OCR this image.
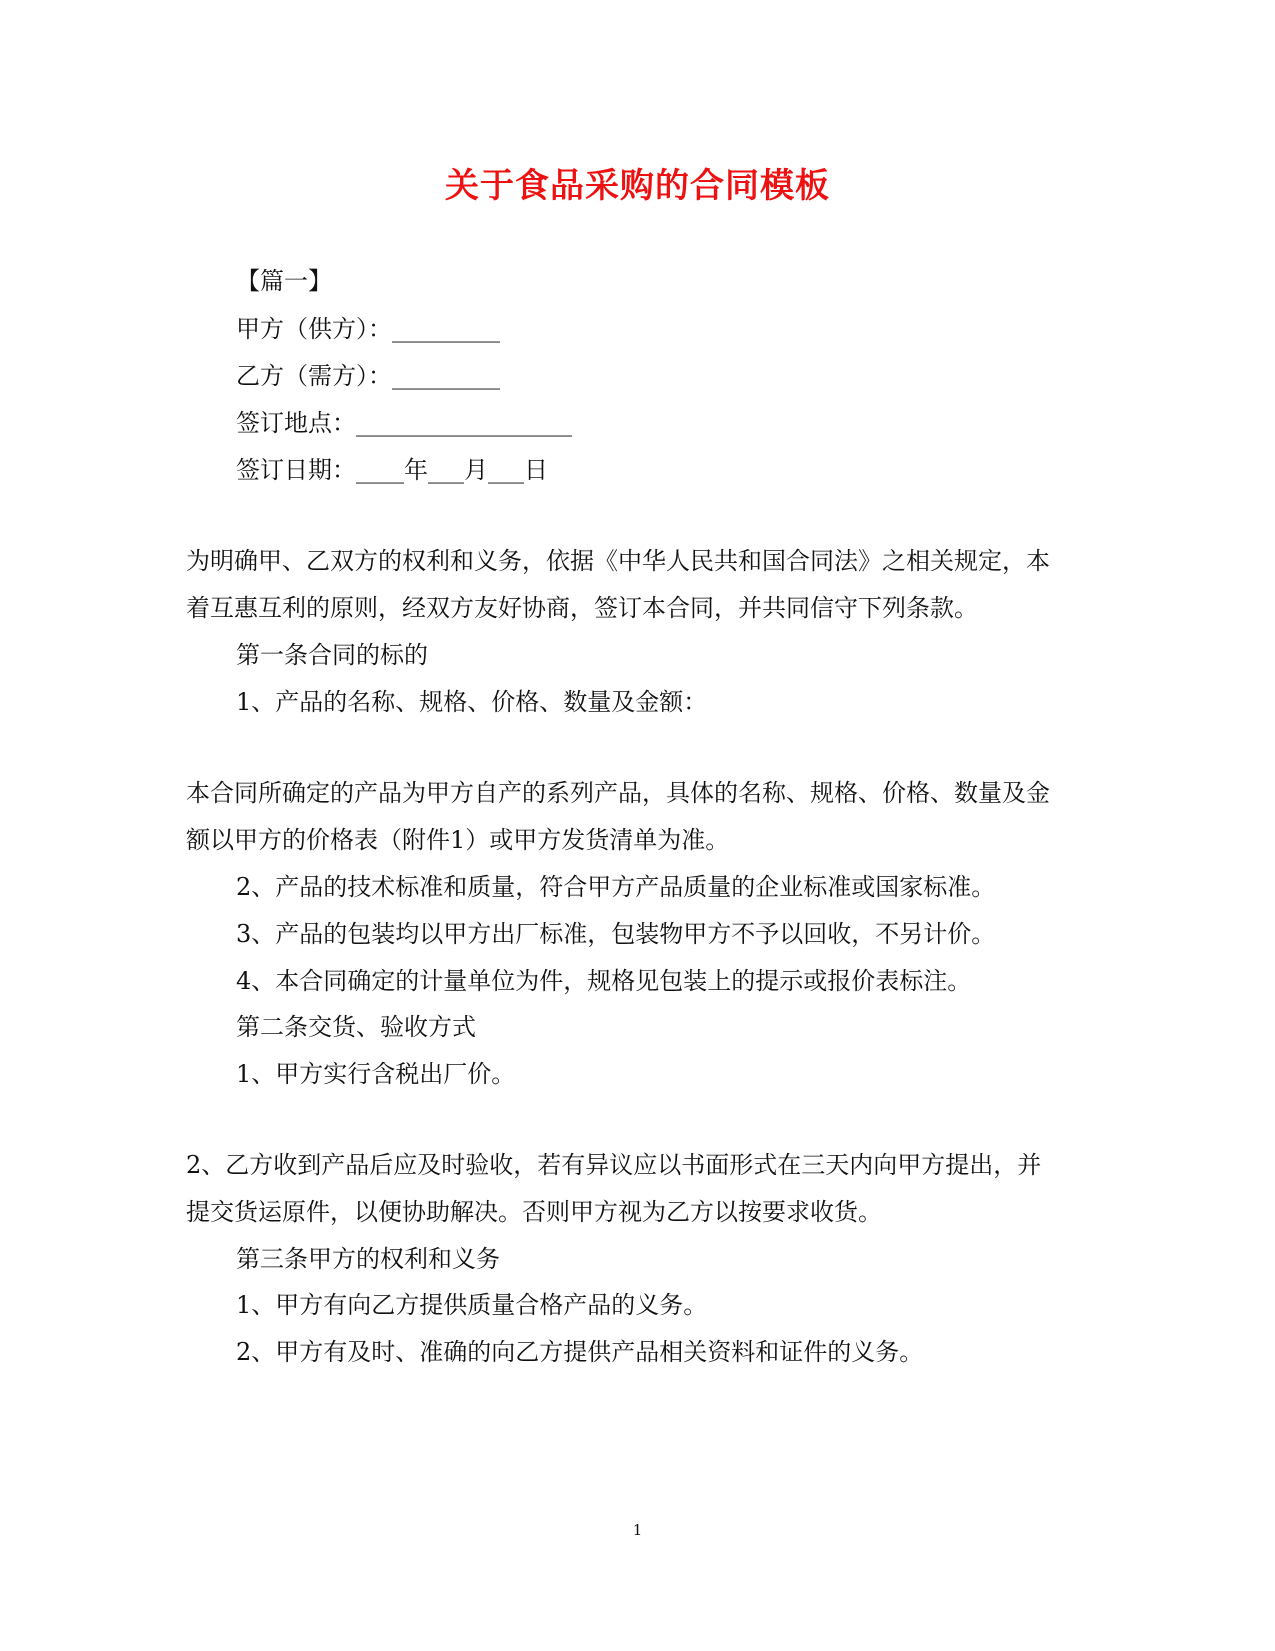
关于食品采购的合同模板
【篇一】
甲方（供方）：_________
乙方（需方）：_________
签订地点：__________________
签订日期：____年___月___日
为明确甲、乙双方的权利和义务，依据《中华人民共和国合同法》之相关规定，本
着互惠互利的原则，经双方友好协商，签订本合同，并共同信守下列条款。
第一条合同的标的
1、产品的名称、规格、价格、数量及金额：
本合同所确定的产品为甲方自产的系列产品，具体的名称、规格、价格、数量及金
额以甲方的价格表（附件1）或甲方发货清单为准。
2、产品的技术标准和质量，符合甲方产品质量的企业标准或国家标准。
3、产品的包装均以甲方出厂标准，包装物甲方不予以回收，不另计价。
4、本合同确定的计量单位为件，规格见包装上的提示或报价表标注。
第二条交货、验收方式
1、甲方实行含税出厂价。
2、乙方收到产品后应及时验收，若有异议应以书面形式在三天内向甲方提出，并
提交货运原件，以便协助解决。否则甲方视为乙方以按要求收货。
第三条甲方的权利和义务
1、甲方有向乙方提供质量合格产品的义务。
2、甲方有及时、准确的向乙方提供产品相关资料和证件的义务。
1
